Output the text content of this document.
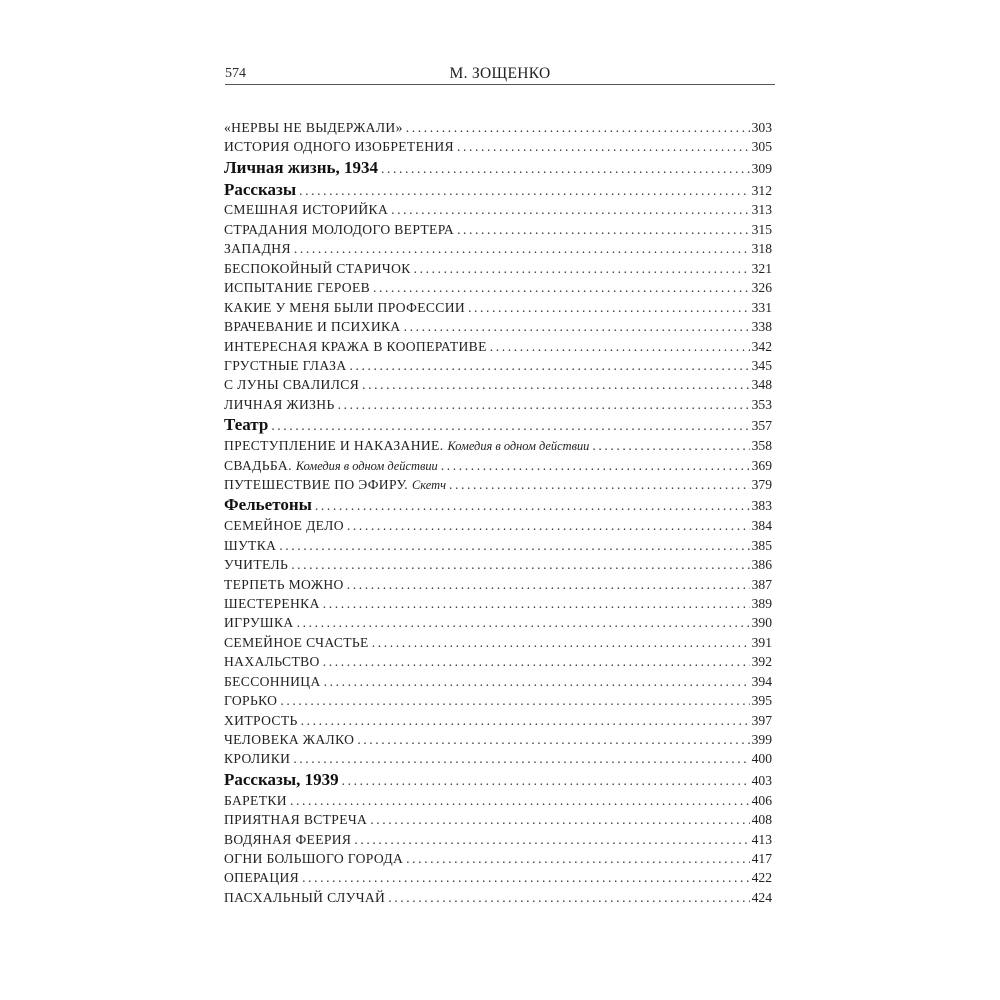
574	М. ЗОЩЕНКО
«НЕРВЫ НЕ ВЫДЕРЖАЛИ» .....	303
ИСТОРИЯ ОДНОГО ИЗОБРЕТЕНИЯ .....	305
Личная жизнь, 1934 .....	309
Рассказы .....	312
СМЕШНАЯ ИСТОРИЙКА .....	313
СТРАДАНИЯ МОЛОДОГО ВЕРТЕРА .....	315
ЗАПАДНЯ .....	318
БЕСПОКОЙНЫЙ СТАРИЧОК .....	321
ИСПЫТАНИЕ ГЕРОЕВ .....	326
КАКИЕ У МЕНЯ БЫЛИ ПРОФЕССИИ .....	331
ВРАЧЕВАНИЕ И ПСИХИКА .....	338
ИНТЕРЕСНАЯ КРАЖА В КООПЕРАТИВЕ .....	342
ГРУСТНЫЕ ГЛАЗА .....	345
С ЛУНЫ СВАЛИЛСЯ .....	348
ЛИЧНАЯ ЖИЗНЬ .....	353
Театр .....	357
ПРЕСТУПЛЕНИЕ И НАКАЗАНИЕ. Комедия в одном действии .....	358
СВАДЬБА. Комедия в одном действии .....	369
ПУТЕШЕСТВИЕ ПО ЭФИРУ. Скетч .....	379
Фельетоны .....	383
СЕМЕЙНОЕ ДЕЛО .....	384
ШУТКА .....	385
УЧИТЕЛЬ .....	386
ТЕРПЕТЬ МОЖНО .....	387
ШЕСТЕРЕНКА .....	389
ИГРУШКА .....	390
СЕМЕЙНОЕ СЧАСТЬЕ .....	391
НАХАЛЬСТВО .....	392
БЕССОННИЦА .....	394
ГОРЬКО .....	395
ХИТРОСТЬ .....	397
ЧЕЛОВЕКА ЖАЛКО .....	399
КРОЛИКИ .....	400
Рассказы, 1939 .....	403
БАРЕТКИ .....	406
ПРИЯТНАЯ ВСТРЕЧА .....	408
ВОДЯНАЯ ФЕЕРИЯ .....	413
ОГНИ БОЛЬШОГО ГОРОДА .....	417
ОПЕРАЦИЯ .....	422
ПАСХАЛЬНЫЙ СЛУЧАЙ .....	424
